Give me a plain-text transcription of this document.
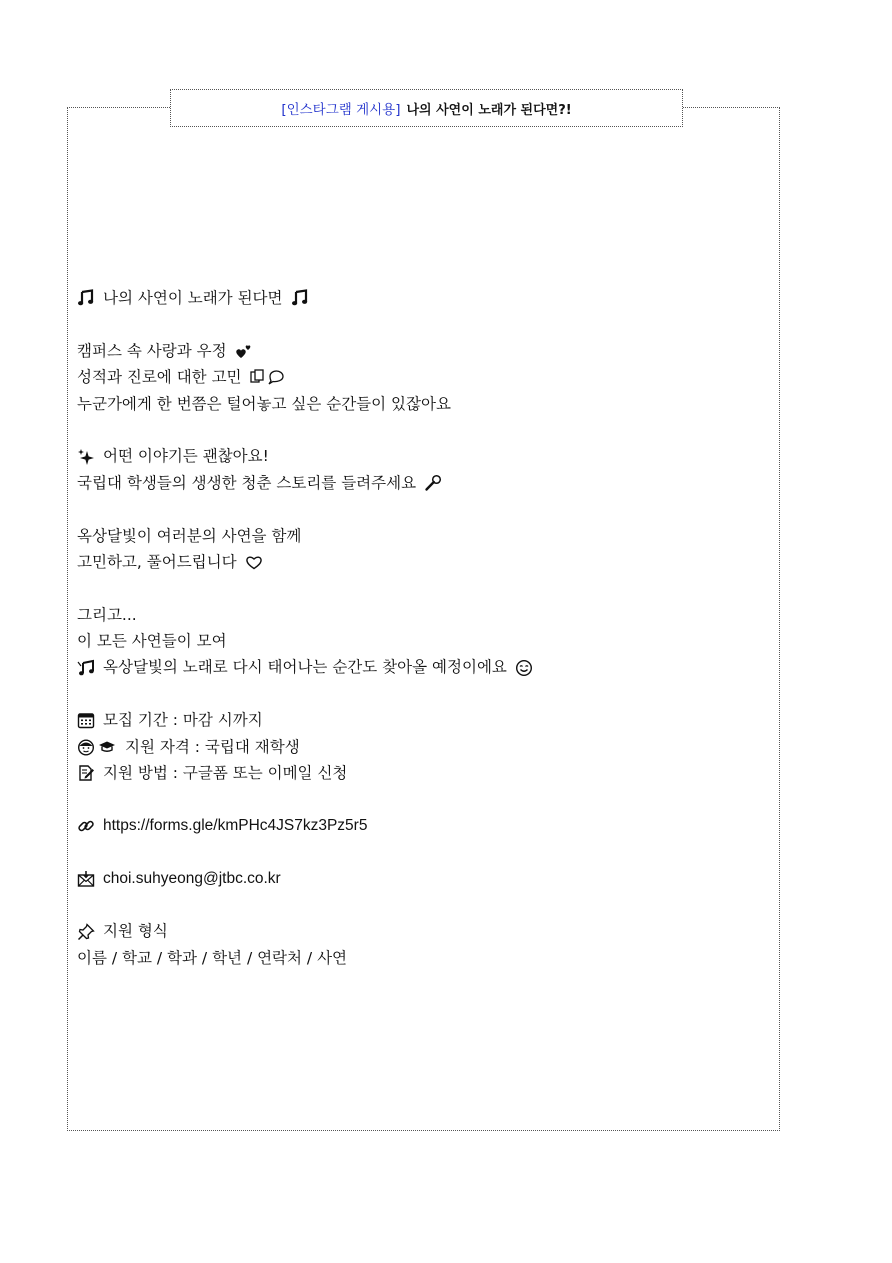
[인스타그램 게시용] 나의 사연이 노래가 된다면?!
나의 사연이 노래가 된다면
캠퍼스 속 사랑과 우정
성적과 진로에 대한 고민
누군가에게 한 번쯤은 털어놓고 싶은 순간들이 있잖아요
어떤 이야기든 괜찮아요!
국립대 학생들의 생생한 청춘 스토리를 들려주세요
옥상달빛이 여러분의 사연을 함께
고민하고, 풀어드립니다
그리고...
이 모든 사연들이 모여
옥상달빛의 노래로 다시 태어나는 순간도 찾아올 예정이에요
모집 기간 : 마감 시까지
지원 자격 : 국립대 재학생
지원 방법 : 구글폼 또는 이메일 신청
https://forms.gle/kmPHc4JS7kz3Pz5r5
choi.suhyeong@jtbc.co.kr
지원 형식
이름 / 학교 / 학과 / 학년 / 연락처 / 사연
